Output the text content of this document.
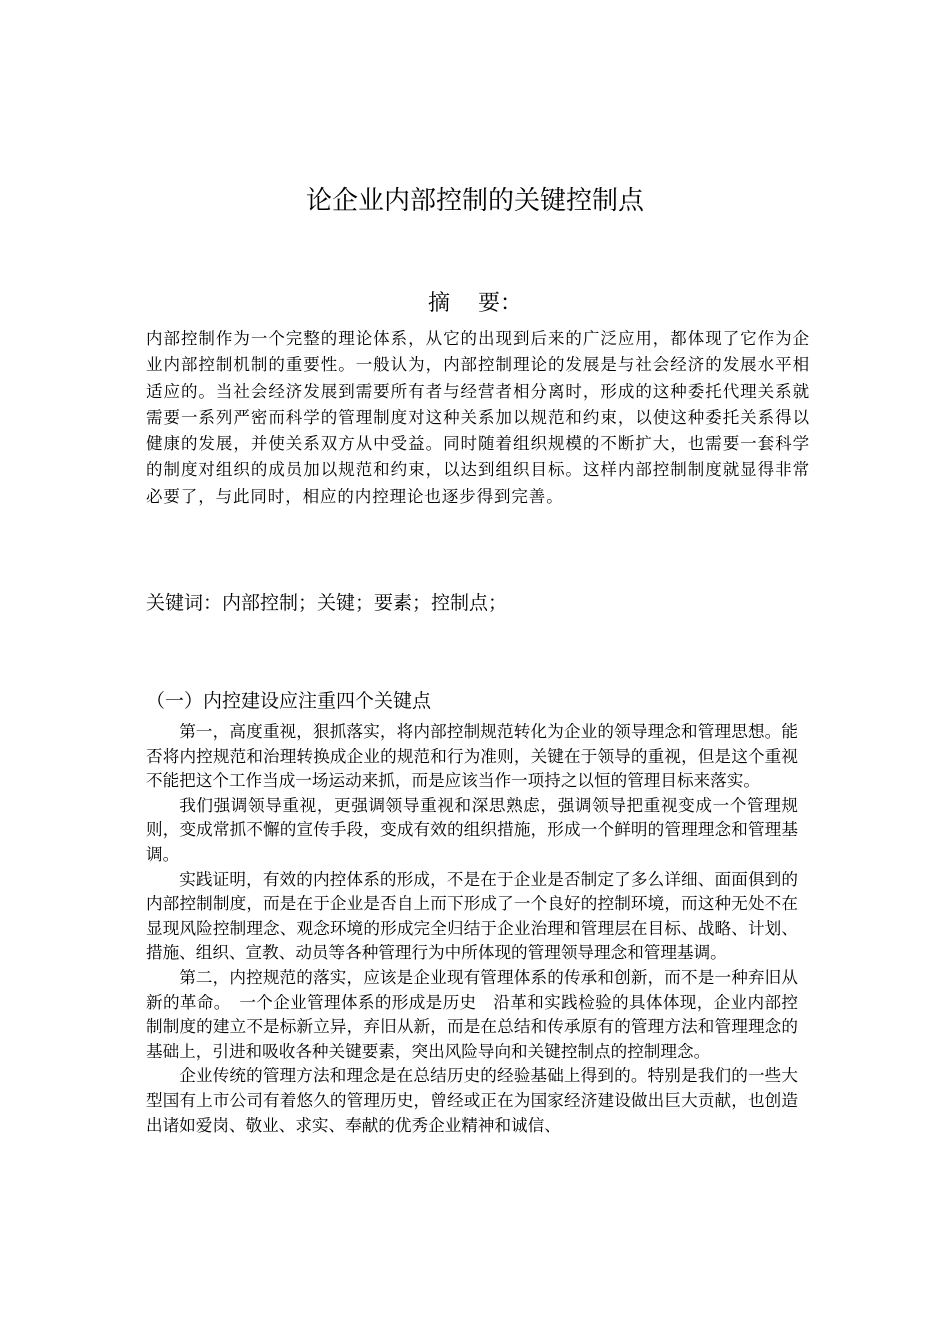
论企业内部控制的关键控制点
摘 要：

内部控制作为一个完整的理论体系，从它的出现到后来的广泛应用，都体现了它作为企业内部控制机制的重要性。一般认为，内部控制理论的发展是与社会经济的发展水平相适应的。当社会经济发展到需要所有者与经营者相分离时，形成的这种委托代理关系就需要一系列严密而科学的管理制度对这种关系加以规范和约束，以使这种委托关系得以健康的发展，并使关系双方从中受益。同时随着组织规模的不断扩大，也需要一套科学的制度对组织的成员加以规范和约束，以达到组织目标。这样内部控制制度就显得非常必要了，与此同时，相应的内控理论也逐步得到完善。

关键词：内部控制；关键；要素；控制点；
（一）内控建设应注重四个关键点

第一，高度重视，狠抓落实，将内部控制规范转化为企业的领导理念和管理思想。能否将内控规范和治理转换成企业的规范和行为准则，关键在于领导的重视，但是这个重视不能把这个工作当成一场运动来抓，而是应该当作一项持之以恒的管理目标来落实。

我们强调领导重视，更强调领导重视和深思熟虑，强调领导把重视变成一个管理规则，变成常抓不懈的宣传手段，变成有效的组织措施，形成一个鲜明的管理理念和管理基调。

实践证明，有效的内控体系的形成，不是在于企业是否制定了多么详细、面面俱到的内部控制制度，而是在于企业是否自上而下形成了一个良好的控制环境，而这种无处不在显现风险控制理念、观念环境的形成完全归结于企业治理和管理层在目标、战略、计划、措施、组织、宣教、动员等各种管理行为中所体现的管理领导理念和管理基调。

第二，内控规范的落实，应该是企业现有管理体系的传承和创新，而不是一种弃旧从新的革命。　一个企业管理体系的形成是历史　沿革和实践检验的具体体现，企业内部控制制度的建立不是标新立异，弃旧从新，而是在总结和传承原有的管理方法和管理理念的基础上，引进和吸收各种关键要素，突出风险导向和关键控制点的控制理念。

企业传统的管理方法和理念是在总结历史的经验基础上得到的。特别是我们的一些大型国有上市公司有着悠久的管理历史，曾经或正在为国家经济建设做出巨大贡献，也创造出诸如爱岗、敬业、求实、奉献的优秀企业精神和诚信、
